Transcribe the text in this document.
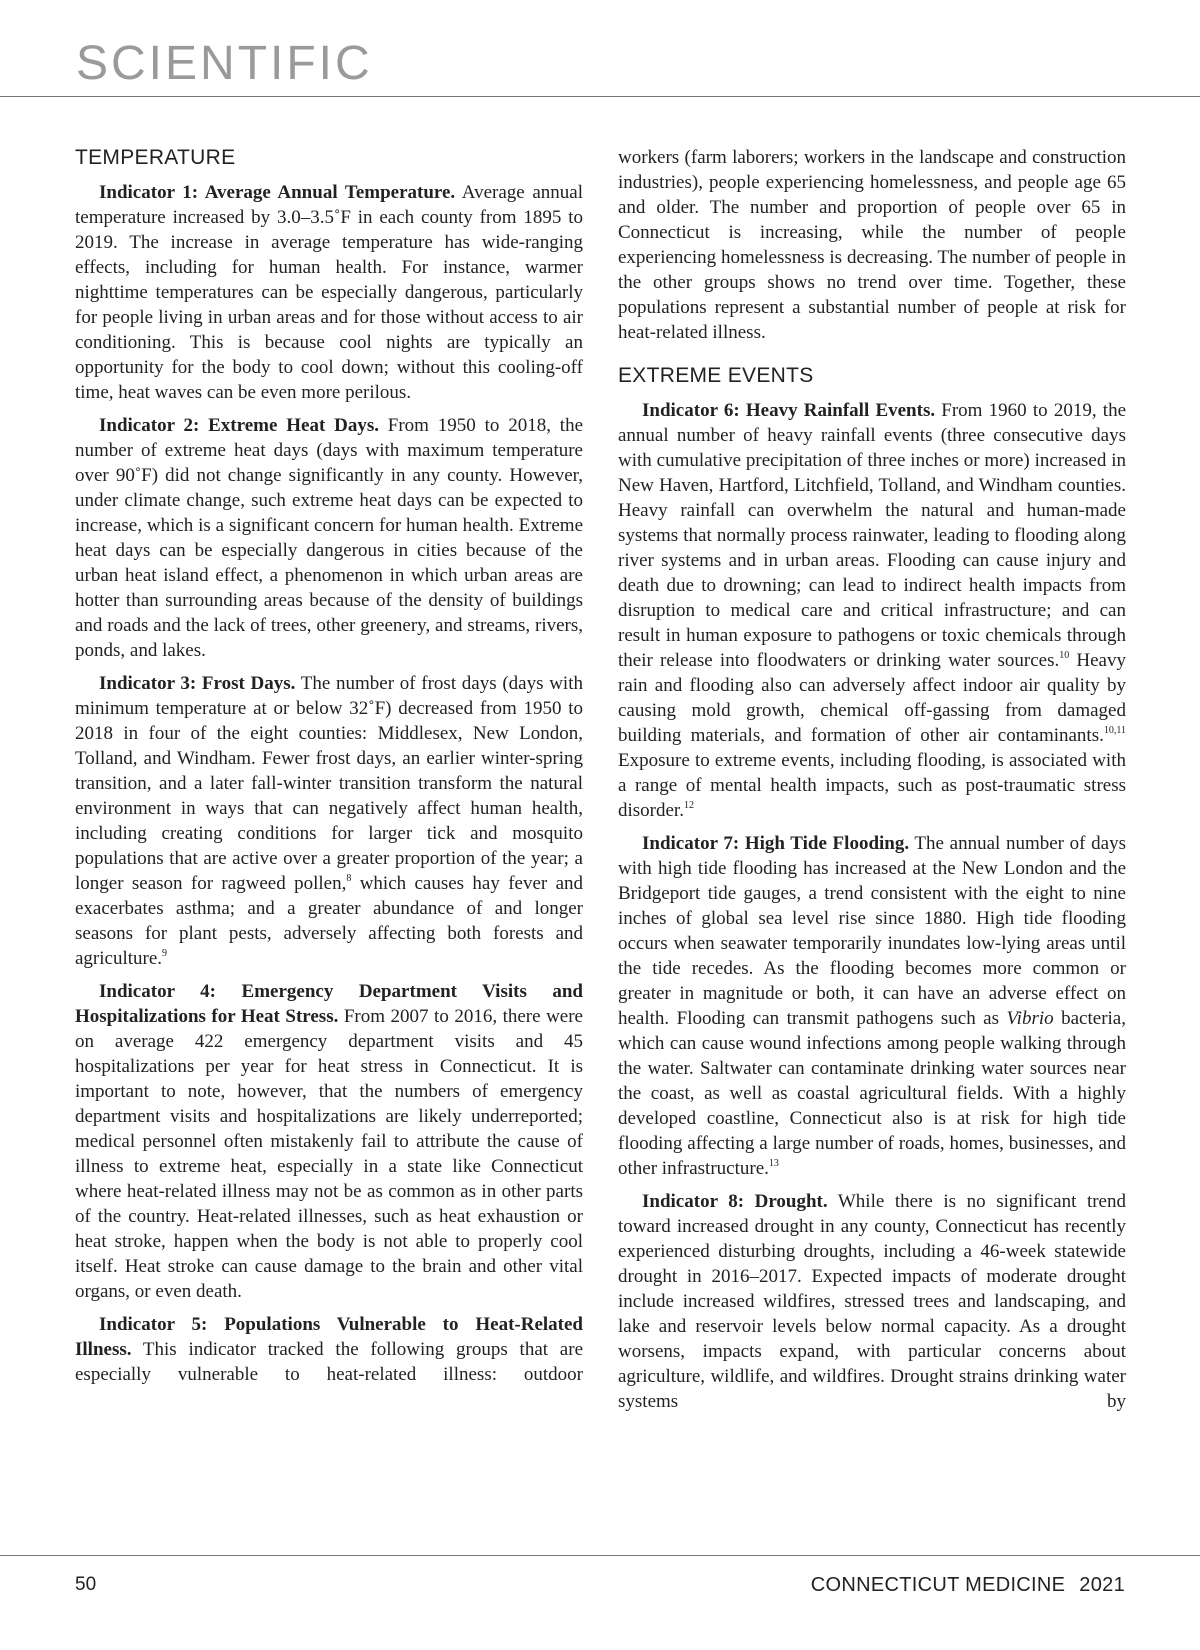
SCIENTIFIC
TEMPERATURE

Indicator 1: Average Annual Temperature. Average annual temperature increased by 3.0–3.5˚F in each county from 1895 to 2019. The increase in average temperature has wide-ranging effects, including for human health. For instance, warmer nighttime temperatures can be especially dangerous, particularly for people living in urban areas and for those without access to air conditioning. This is because cool nights are typically an opportunity for the body to cool down; without this cooling-off time, heat waves can be even more perilous.

Indicator 2: Extreme Heat Days. From 1950 to 2018, the number of extreme heat days (days with maximum temperature over 90˚F) did not change significantly in any county. However, under climate change, such extreme heat days can be expected to increase, which is a significant concern for human health. Extreme heat days can be especially dangerous in cities because of the urban heat island effect, a phenomenon in which urban areas are hotter than surrounding areas because of the density of buildings and roads and the lack of trees, other greenery, and streams, rivers, ponds, and lakes.

Indicator 3: Frost Days. The number of frost days (days with minimum temperature at or below 32˚F) decreased from 1950 to 2018 in four of the eight counties: Middlesex, New London, Tolland, and Windham. Fewer frost days, an earlier winter-spring transition, and a later fall-winter transition transform the natural environment in ways that can negatively affect human health, including creating conditions for larger tick and mosquito populations that are active over a greater proportion of the year; a longer season for ragweed pollen,$^8$ which causes hay fever and exacerbates asthma; and a greater abundance of and longer seasons for plant pests, adversely affecting both forests and agriculture.$^9$

Indicator 4: Emergency Department Visits and Hospitalizations for Heat Stress. From 2007 to 2016, there were on average 422 emergency department visits and 45 hospitalizations per year for heat stress in Connecticut. It is important to note, however, that the numbers of emergency department visits and hospitalizations are likely underreported; medical personnel often mistakenly fail to attribute the cause of illness to extreme heat, especially in a state like Connecticut where heat-related illness may not be as common as in other parts of the country. Heat-related illnesses, such as heat exhaustion or heat stroke, happen when the body is not able to properly cool itself. Heat stroke can cause damage to the brain and other vital organs, or even death.

Indicator 5: Populations Vulnerable to Heat-Related Illness. This indicator tracked the following groups that are especially vulnerable to heat-related illness: outdoor

workers (farm laborers; workers in the landscape and construction industries), people experiencing homelessness, and people age 65 and older. The number and proportion of people over 65 in Connecticut is increasing, while the number of people experiencing homelessness is decreasing. The number of people in the other groups shows no trend over time. Together, these populations represent a substantial number of people at risk for heat-related illness.

EXTREME EVENTS

Indicator 6: Heavy Rainfall Events. From 1960 to 2019, the annual number of heavy rainfall events (three consecutive days with cumulative precipitation of three inches or more) increased in New Haven, Hartford, Litchfield, Tolland, and Windham counties. Heavy rainfall can overwhelm the natural and human-made systems that normally process rainwater, leading to flooding along river systems and in urban areas. Flooding can cause injury and death due to drowning; can lead to indirect health impacts from disruption to medical care and critical infrastructure; and can result in human exposure to pathogens or toxic chemicals through their release into floodwaters or drinking water sources.$^{10}$ Heavy rain and flooding also can adversely affect indoor air quality by causing mold growth, chemical off-gassing from damaged building materials, and formation of other air contaminants.$^{10,11}$ Exposure to extreme events, including flooding, is associated with a range of mental health impacts, such as post-traumatic stress disorder.$^{12}$

Indicator 7: High Tide Flooding. The annual number of days with high tide flooding has increased at the New London and the Bridgeport tide gauges, a trend consistent with the eight to nine inches of global sea level rise since 1880. High tide flooding occurs when seawater temporarily inundates low-lying areas until the tide recedes. As the flooding becomes more common or greater in magnitude or both, it can have an adverse effect on health. Flooding can transmit pathogens such as Vibrio bacteria, which can cause wound infections among people walking through the water. Saltwater can contaminate drinking water sources near the coast, as well as coastal agricultural fields. With a highly developed coastline, Connecticut also is at risk for high tide flooding affecting a large number of roads, homes, businesses, and other infrastructure.$^{13}$

Indicator 8: Drought. While there is no significant trend toward increased drought in any county, Connecticut has recently experienced disturbing droughts, including a 46-week statewide drought in 2016–2017. Expected impacts of moderate drought include increased wildfires, stressed trees and landscaping, and lake and reservoir levels below normal capacity. As a drought worsens, impacts expand, with particular concerns about agriculture, wildlife, and wildfires. Drought strains drinking water systems by

50	CONNECTICUT MEDICINE 2021
